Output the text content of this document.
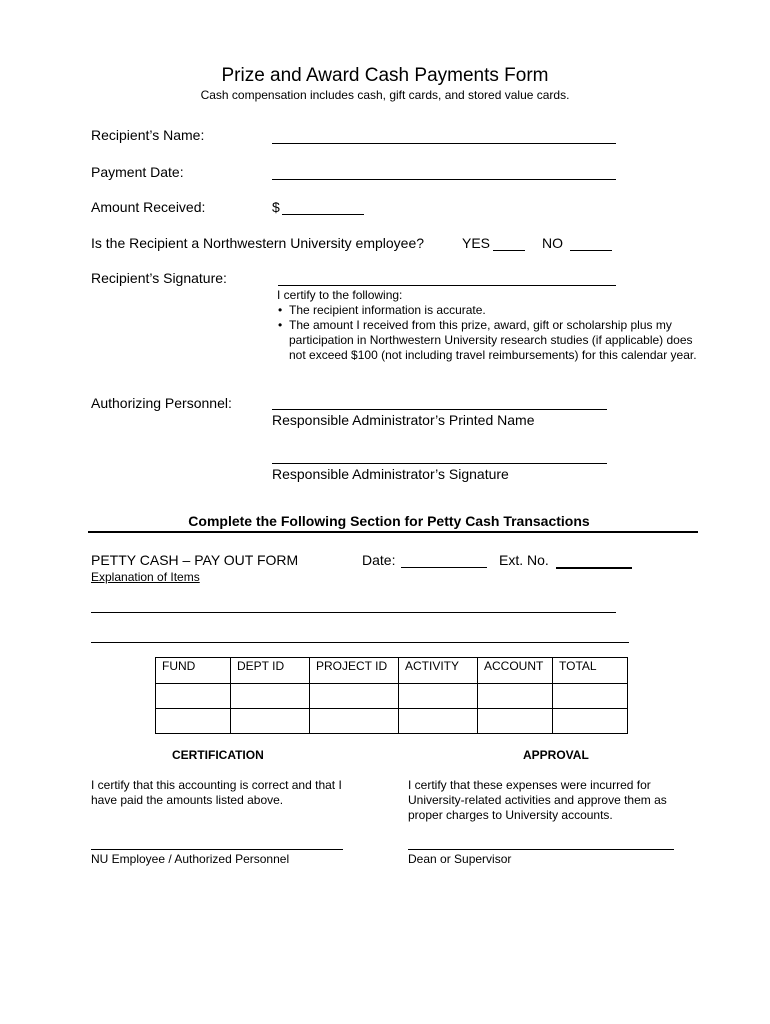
Prize and Award Cash Payments Form
Cash compensation includes cash, gift cards, and stored value cards.
Recipient’s Name:
Payment Date:
Amount Received:	$
Is the Recipient a Northwestern University employee?	YES	NO
Recipient’s Signature:
I certify to the following:
• The recipient information is accurate.
• The amount I received from this prize, award, gift or scholarship plus my participation in Northwestern University research studies (if applicable) does not exceed $100 (not including travel reimbursements) for this calendar year.
Authorizing Personnel:
Responsible Administrator’s Printed Name
Responsible Administrator’s Signature
Complete the Following Section for Petty Cash Transactions
PETTY CASH – PAY OUT FORM	Date:	Ext. No.
Explanation of Items
FUND	DEPT ID	PROJECT ID	ACTIVITY	ACCOUNT	TOTAL

CERTIFICATION	APPROVAL
I certify that this accounting is correct and that I have paid the amounts listed above.
I certify that these expenses were incurred for University-related activities and approve them as proper charges to University accounts.
NU Employee / Authorized Personnel	Dean or Supervisor
